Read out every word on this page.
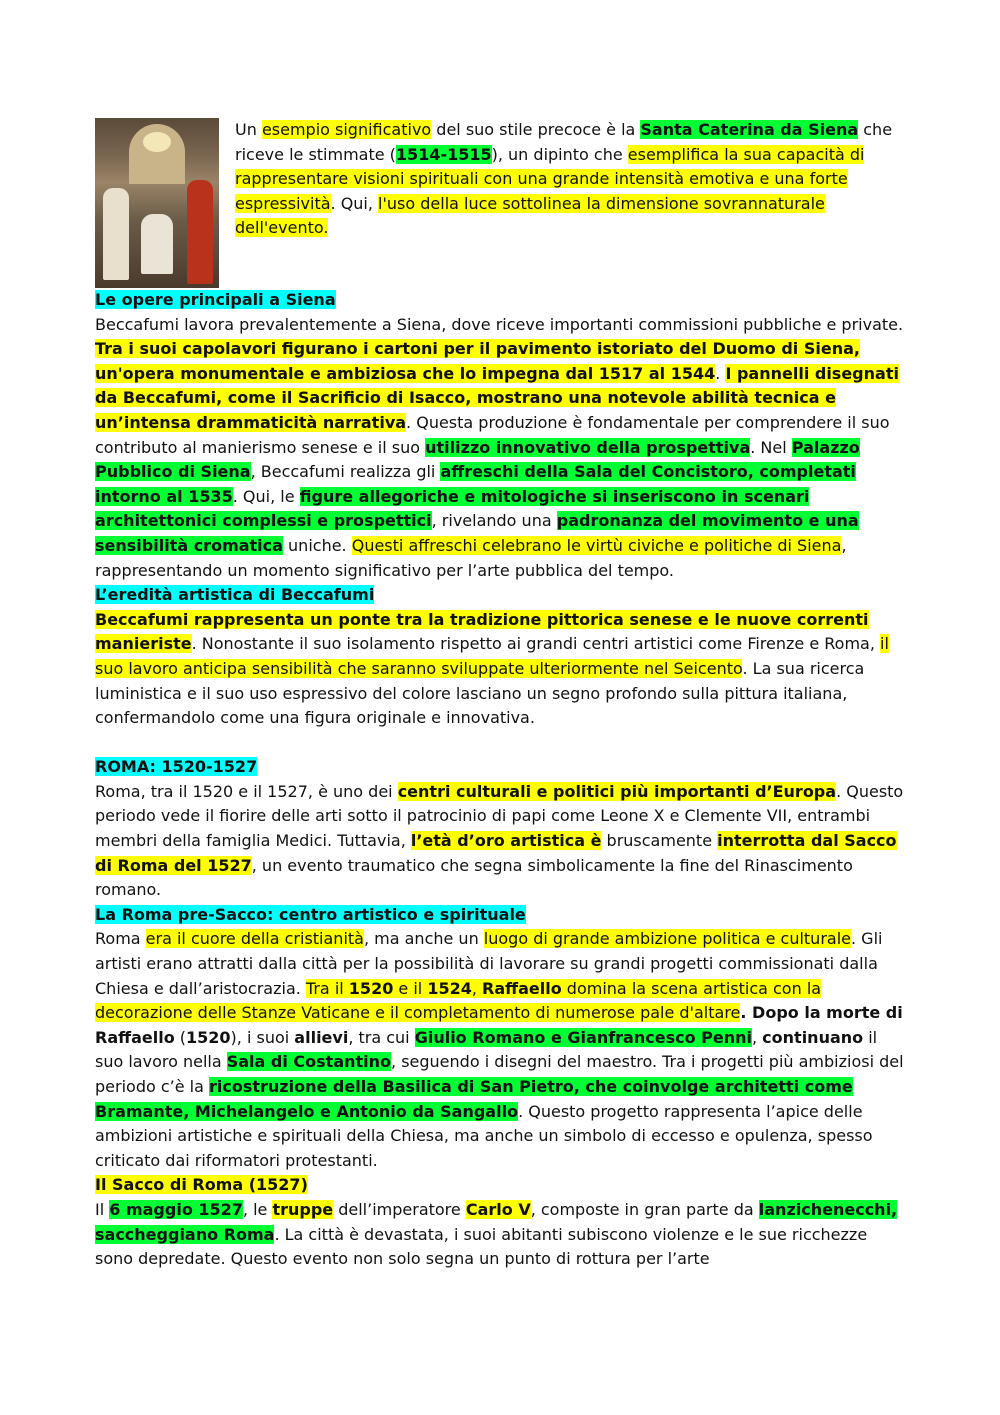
Un esempio significativo del suo stile precoce è la Santa Caterina da Siena che riceve le stimmate (1514-1515), un dipinto che esemplifica la sua capacità di rappresentare visioni spirituali con una grande intensità emotiva e una forte espressività. Qui, l'uso della luce sottolinea la dimensione sovrannaturale dell'evento.

Le opere principali a Siena

Beccafumi lavora prevalentemente a Siena, dove riceve importanti commissioni pubbliche e private. Tra i suoi capolavori figurano i cartoni per il pavimento istoriato del Duomo di Siena, un'opera monumentale e ambiziosa che lo impegna dal 1517 al 1544. I pannelli disegnati da Beccafumi, come il Sacrificio di Isacco, mostrano una notevole abilità tecnica e un’intensa drammaticità narrativa. Questa produzione è fondamentale per comprendere il suo contributo al manierismo senese e il suo utilizzo innovativo della prospettiva. Nel Palazzo Pubblico di Siena, Beccafumi realizza gli affreschi della Sala del Concistoro, completati intorno al 1535. Qui, le figure allegoriche e mitologiche si inseriscono in scenari architettonici complessi e prospettici, rivelando una padronanza del movimento e una sensibilità cromatica uniche. Questi affreschi celebrano le virtù civiche e politiche di Siena, rappresentando un momento significativo per l’arte pubblica del tempo.

L’eredità artistica di Beccafumi

Beccafumi rappresenta un ponte tra la tradizione pittorica senese e le nuove correnti manieriste. Nonostante il suo isolamento rispetto ai grandi centri artistici come Firenze e Roma, il suo lavoro anticipa sensibilità che saranno sviluppate ulteriormente nel Seicento. La sua ricerca luministica e il suo uso espressivo del colore lasciano un segno profondo sulla pittura italiana, confermandolo come una figura originale e innovativa.

ROMA: 1520-1527

Roma, tra il 1520 e il 1527, è uno dei centri culturali e politici più importanti d’Europa. Questo periodo vede il fiorire delle arti sotto il patrocinio di papi come Leone X e Clemente VII, entrambi membri della famiglia Medici. Tuttavia, l’età d’oro artistica è bruscamente interrotta dal Sacco di Roma del 1527, un evento traumatico che segna simbolicamente la fine del Rinascimento romano.

La Roma pre-Sacco: centro artistico e spirituale

Roma era il cuore della cristianità, ma anche un luogo di grande ambizione politica e culturale. Gli artisti erano attratti dalla città per la possibilità di lavorare su grandi progetti commissionati dalla Chiesa e dall’aristocrazia. Tra il 1520 e il 1524, Raffaello domina la scena artistica con la decorazione delle Stanze Vaticane e il completamento di numerose pale d'altare. Dopo la morte di Raffaello (1520), i suoi allievi, tra cui Giulio Romano e Gianfrancesco Penni, continuano il suo lavoro nella Sala di Costantino, seguendo i disegni del maestro. Tra i progetti più ambiziosi del periodo c’è la ricostruzione della Basilica di San Pietro, che coinvolge architetti come Bramante, Michelangelo e Antonio da Sangallo. Questo progetto rappresenta l’apice delle ambizioni artistiche e spirituali della Chiesa, ma anche un simbolo di eccesso e opulenza, spesso criticato dai riformatori protestanti.

Il Sacco di Roma (1527)

Il 6 maggio 1527, le truppe dell’imperatore Carlo V, composte in gran parte da lanzichenecchi, saccheggiano Roma. La città è devastata, i suoi abitanti subiscono violenze e le sue ricchezze sono depredate. Questo evento non solo segna un punto di rottura per l’arte
